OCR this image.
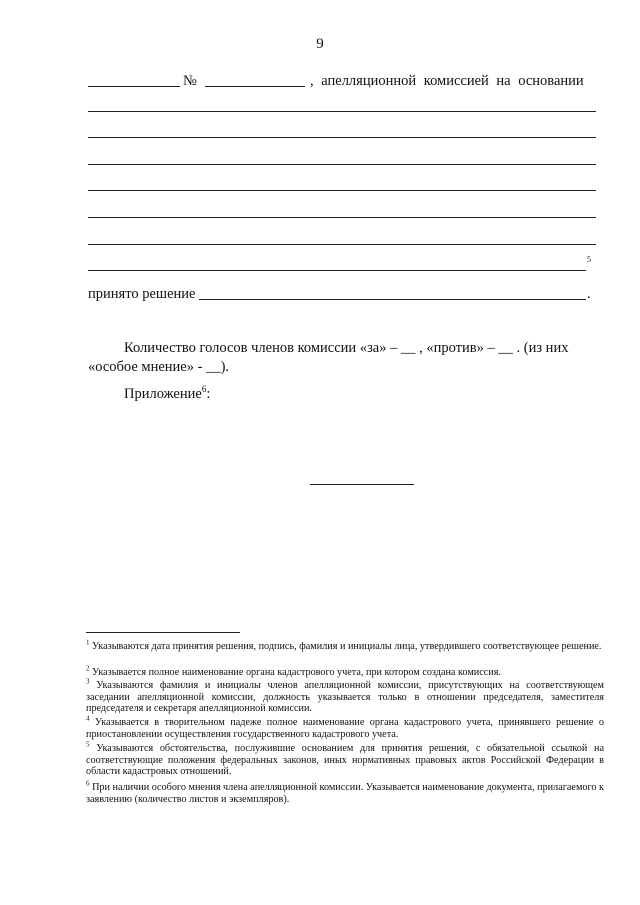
9
№	, апелляционной комиссией на основании
5
принято решение	.
Количество голосов членов комиссии «за» – __ , «против» – __ . (из них
«особое мнение» - __).
Приложение$^6$:
$^1$ Указываются дата принятия решения, подпись, фамилия и инициалы лица, утвердившего соответствующее решение.
$^2$ Указывается полное наименование органа кадастрового учета, при котором создана комиссия.
$^3$ Указываются фамилия и инициалы членов апелляционной комиссии, присутствующих на соответствующем заседании апелляционной комиссии, должность указывается только в отношении председателя, заместителя председателя и секретаря апелляционной комиссии.
$^4$ Указывается в творительном падеже полное наименование органа кадастрового учета, принявшего решение о приостановлении осуществления государственного кадастрового учета.
$^5$ Указываются обстоятельства, послужившие основанием для принятия решения, с обязательной ссылкой на соответствующие положения федеральных законов, иных нормативных правовых актов Российской Федерации в области кадастровых отношений.
$^6$ При наличии особого мнения члена апелляционной комиссии. Указывается наименование документа, прилагаемого к заявлению (количество листов и экземпляров).
